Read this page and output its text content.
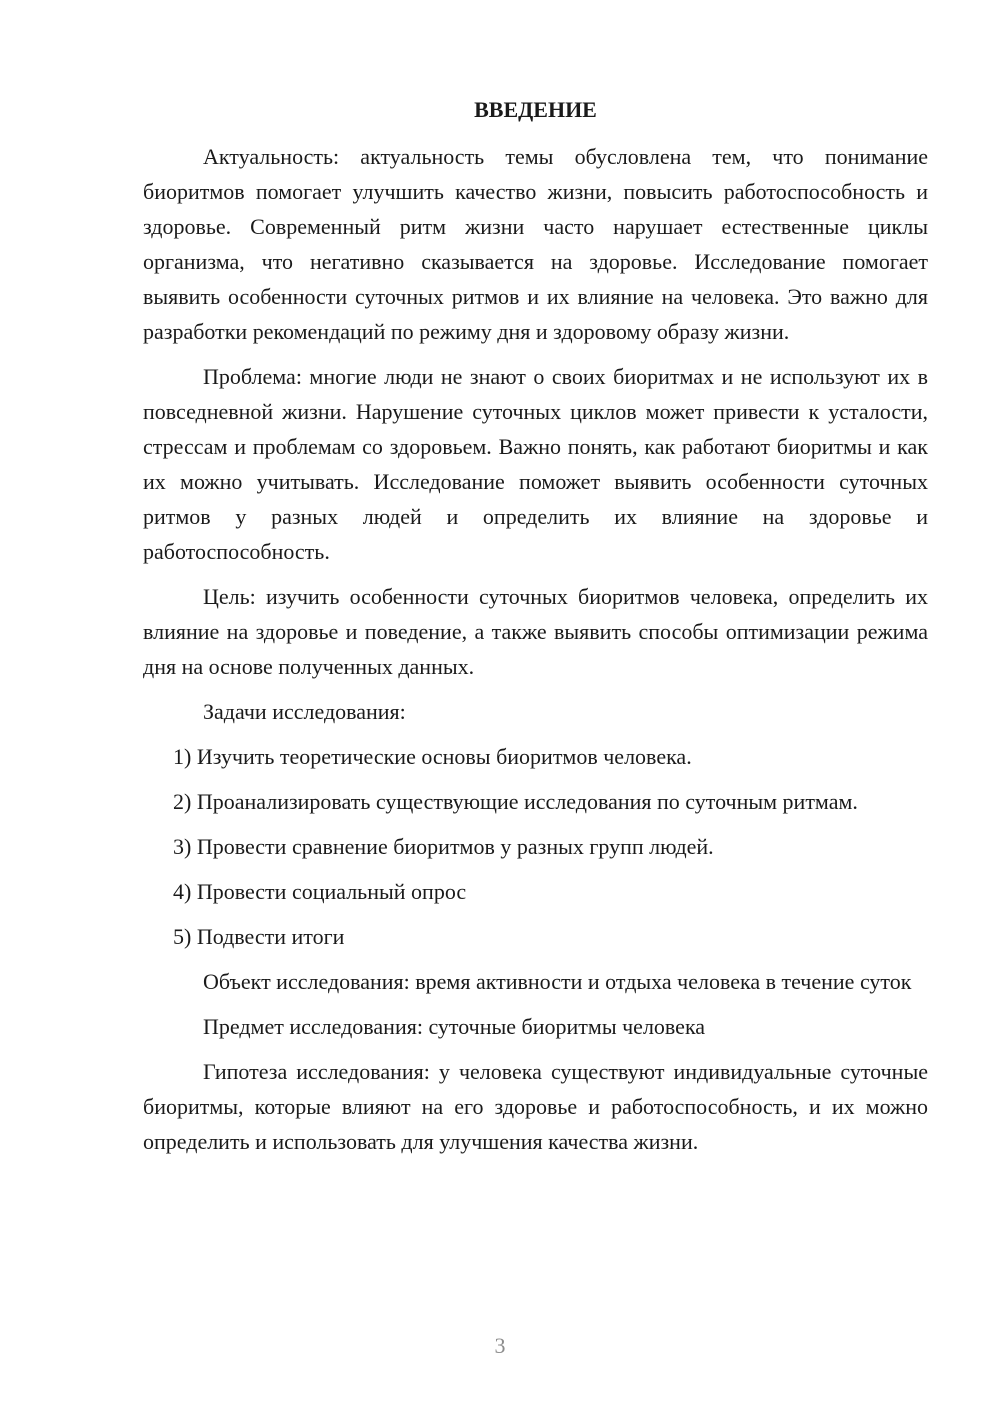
ВВЕДЕНИЕ

Актуальность: актуальность темы обусловлена тем, что понимание биоритмов помогает улучшить качество жизни, повысить работоспособность и здоровье. Современный ритм жизни часто нарушает естественные циклы организма, что негативно сказывается на здоровье. Исследование помогает выявить особенности суточных ритмов и их влияние на человека. Это важно для разработки рекомендаций по режиму дня и здоровому образу жизни.

Проблема: многие люди не знают о своих биоритмах и не используют их в повседневной жизни. Нарушение суточных циклов может привести к усталости, стрессам и проблемам со здоровьем. Важно понять, как работают биоритмы и как их можно учитывать. Исследование поможет выявить особенности суточных ритмов у разных людей и определить их влияние на здоровье и работоспособность.

Цель: изучить особенности суточных биоритмов человека, определить их влияние на здоровье и поведение, а также выявить способы оптимизации режима дня на основе полученных данных.

Задачи исследования:

1) Изучить теоретические основы биоритмов человека.

2) Проанализировать существующие исследования по суточным ритмам.

3) Провести сравнение биоритмов у разных групп людей.

4) Провести социальный опрос

5) Подвести итоги

Объект исследования: время активности и отдыха человека в течение суток

Предмет исследования: суточные биоритмы человека

Гипотеза исследования: у человека существуют индивидуальные суточные биоритмы, которые влияют на его здоровье и работоспособность, и их можно определить и использовать для улучшения качества жизни.

3
